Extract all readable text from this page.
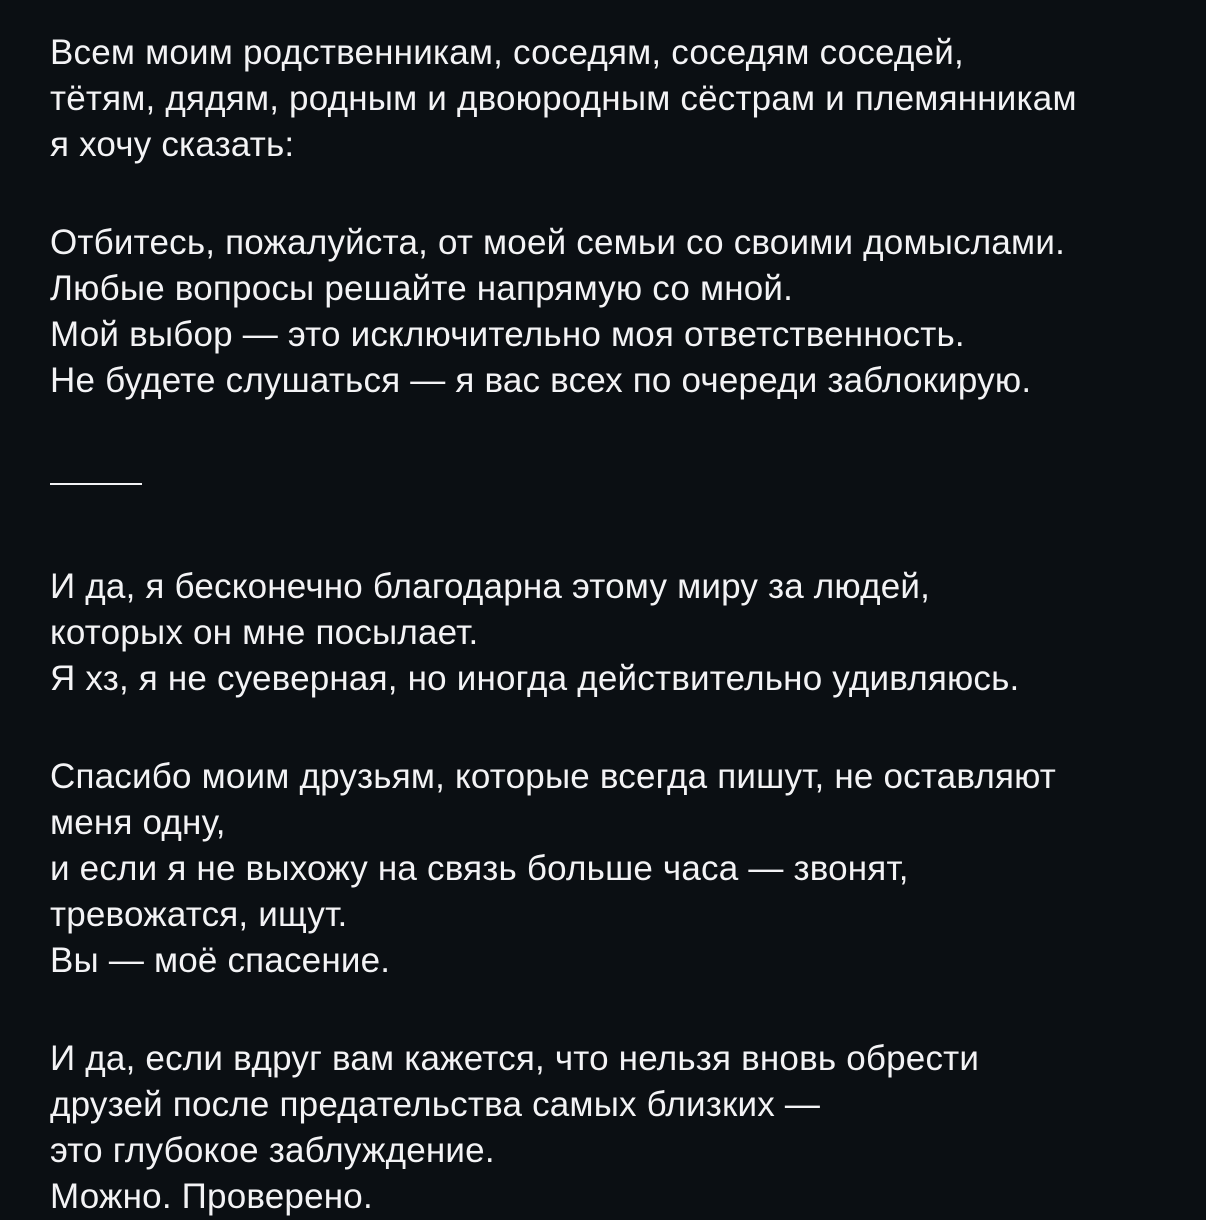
Всем моим родственникам, соседям, соседям соседей,
тётям, дядям, родным и двоюродным сёстрам и племянникам
я хочу сказать:
Отбитесь, пожалуйста, от моей семьи со своими домыслами.
Любые вопросы решайте напрямую со мной.
Мой выбор — это исключительно моя ответственность.
Не будете слушаться — я вас всех по очереди заблокирую.
И да, я бесконечно благодарна этому миру за людей,
которых он мне посылает.
Я хз, я не суеверная, но иногда действительно удивляюсь.
Спасибо моим друзьям, которые всегда пишут, не оставляют
меня одну,
и если я не выхожу на связь больше часа — звонят,
тревожатся, ищут.
Вы — моё спасение.
И да, если вдруг вам кажется, что нельзя вновь обрести
друзей после предательства самых близких —
это глубокое заблуждение.
Можно. Проверено.
